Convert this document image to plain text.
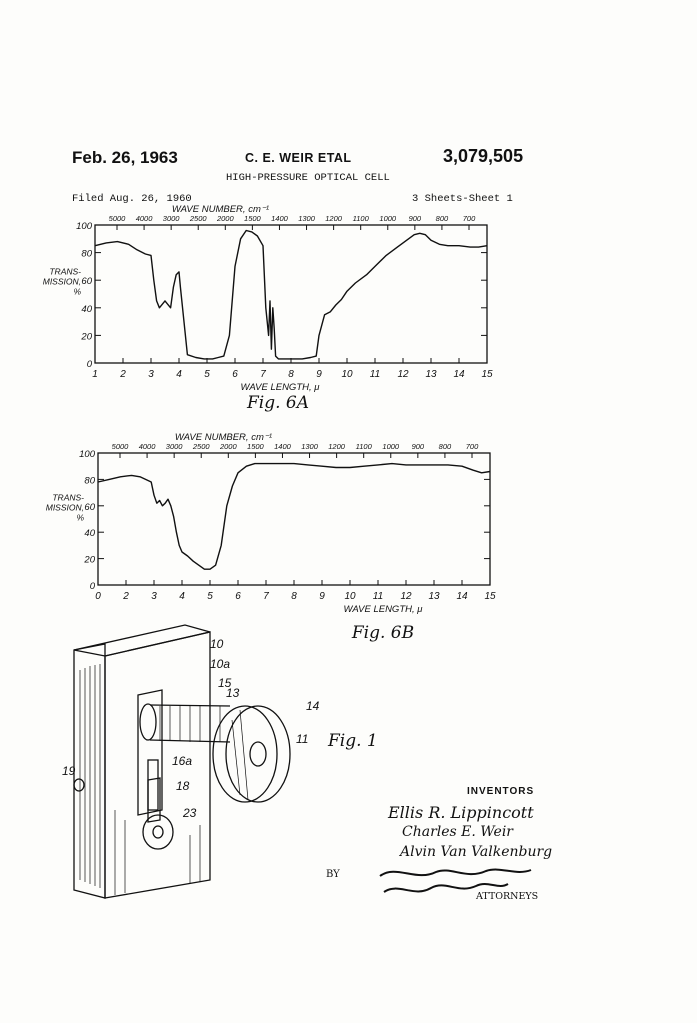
Feb. 26, 1963	C. E. WEIR ETAL	3,079,505
HIGH-PRESSURE OPTICAL CELL
Filed Aug. 26, 1960	3 Sheets-Sheet 1
1 2 3 4 5 6 7 8 9 10 11 12 13 14 15
100
80
60
40
20
0
5000 4000 3000 2500 2000 1500 1400 1300 1200 1100 1000 900 800 700
WAVE NUMBER, cm⁻¹
WAVE LENGTH, μ
TRANS-
MISSION,
%
Fig. 6A
0 2 3 4 5 6 7 8 9 10 11 12 13 14 15
100
80
60
40
20
0
5000 4000 3000 2500 2000 1500 1400 1300 1200 1100 1000 900 800 700
WAVE NUMBER, cm⁻¹
WAVE LENGTH, μ
TRANS-
MISSION,
%
Fig. 6B
10
10a
15
13
14
11
16a
18
19
23
Fig. 1
INVENTORS
Ellis R. Lippincott
Charles E. Weir
Alvin Van Valkenburg
BY
ATTORNEYS
